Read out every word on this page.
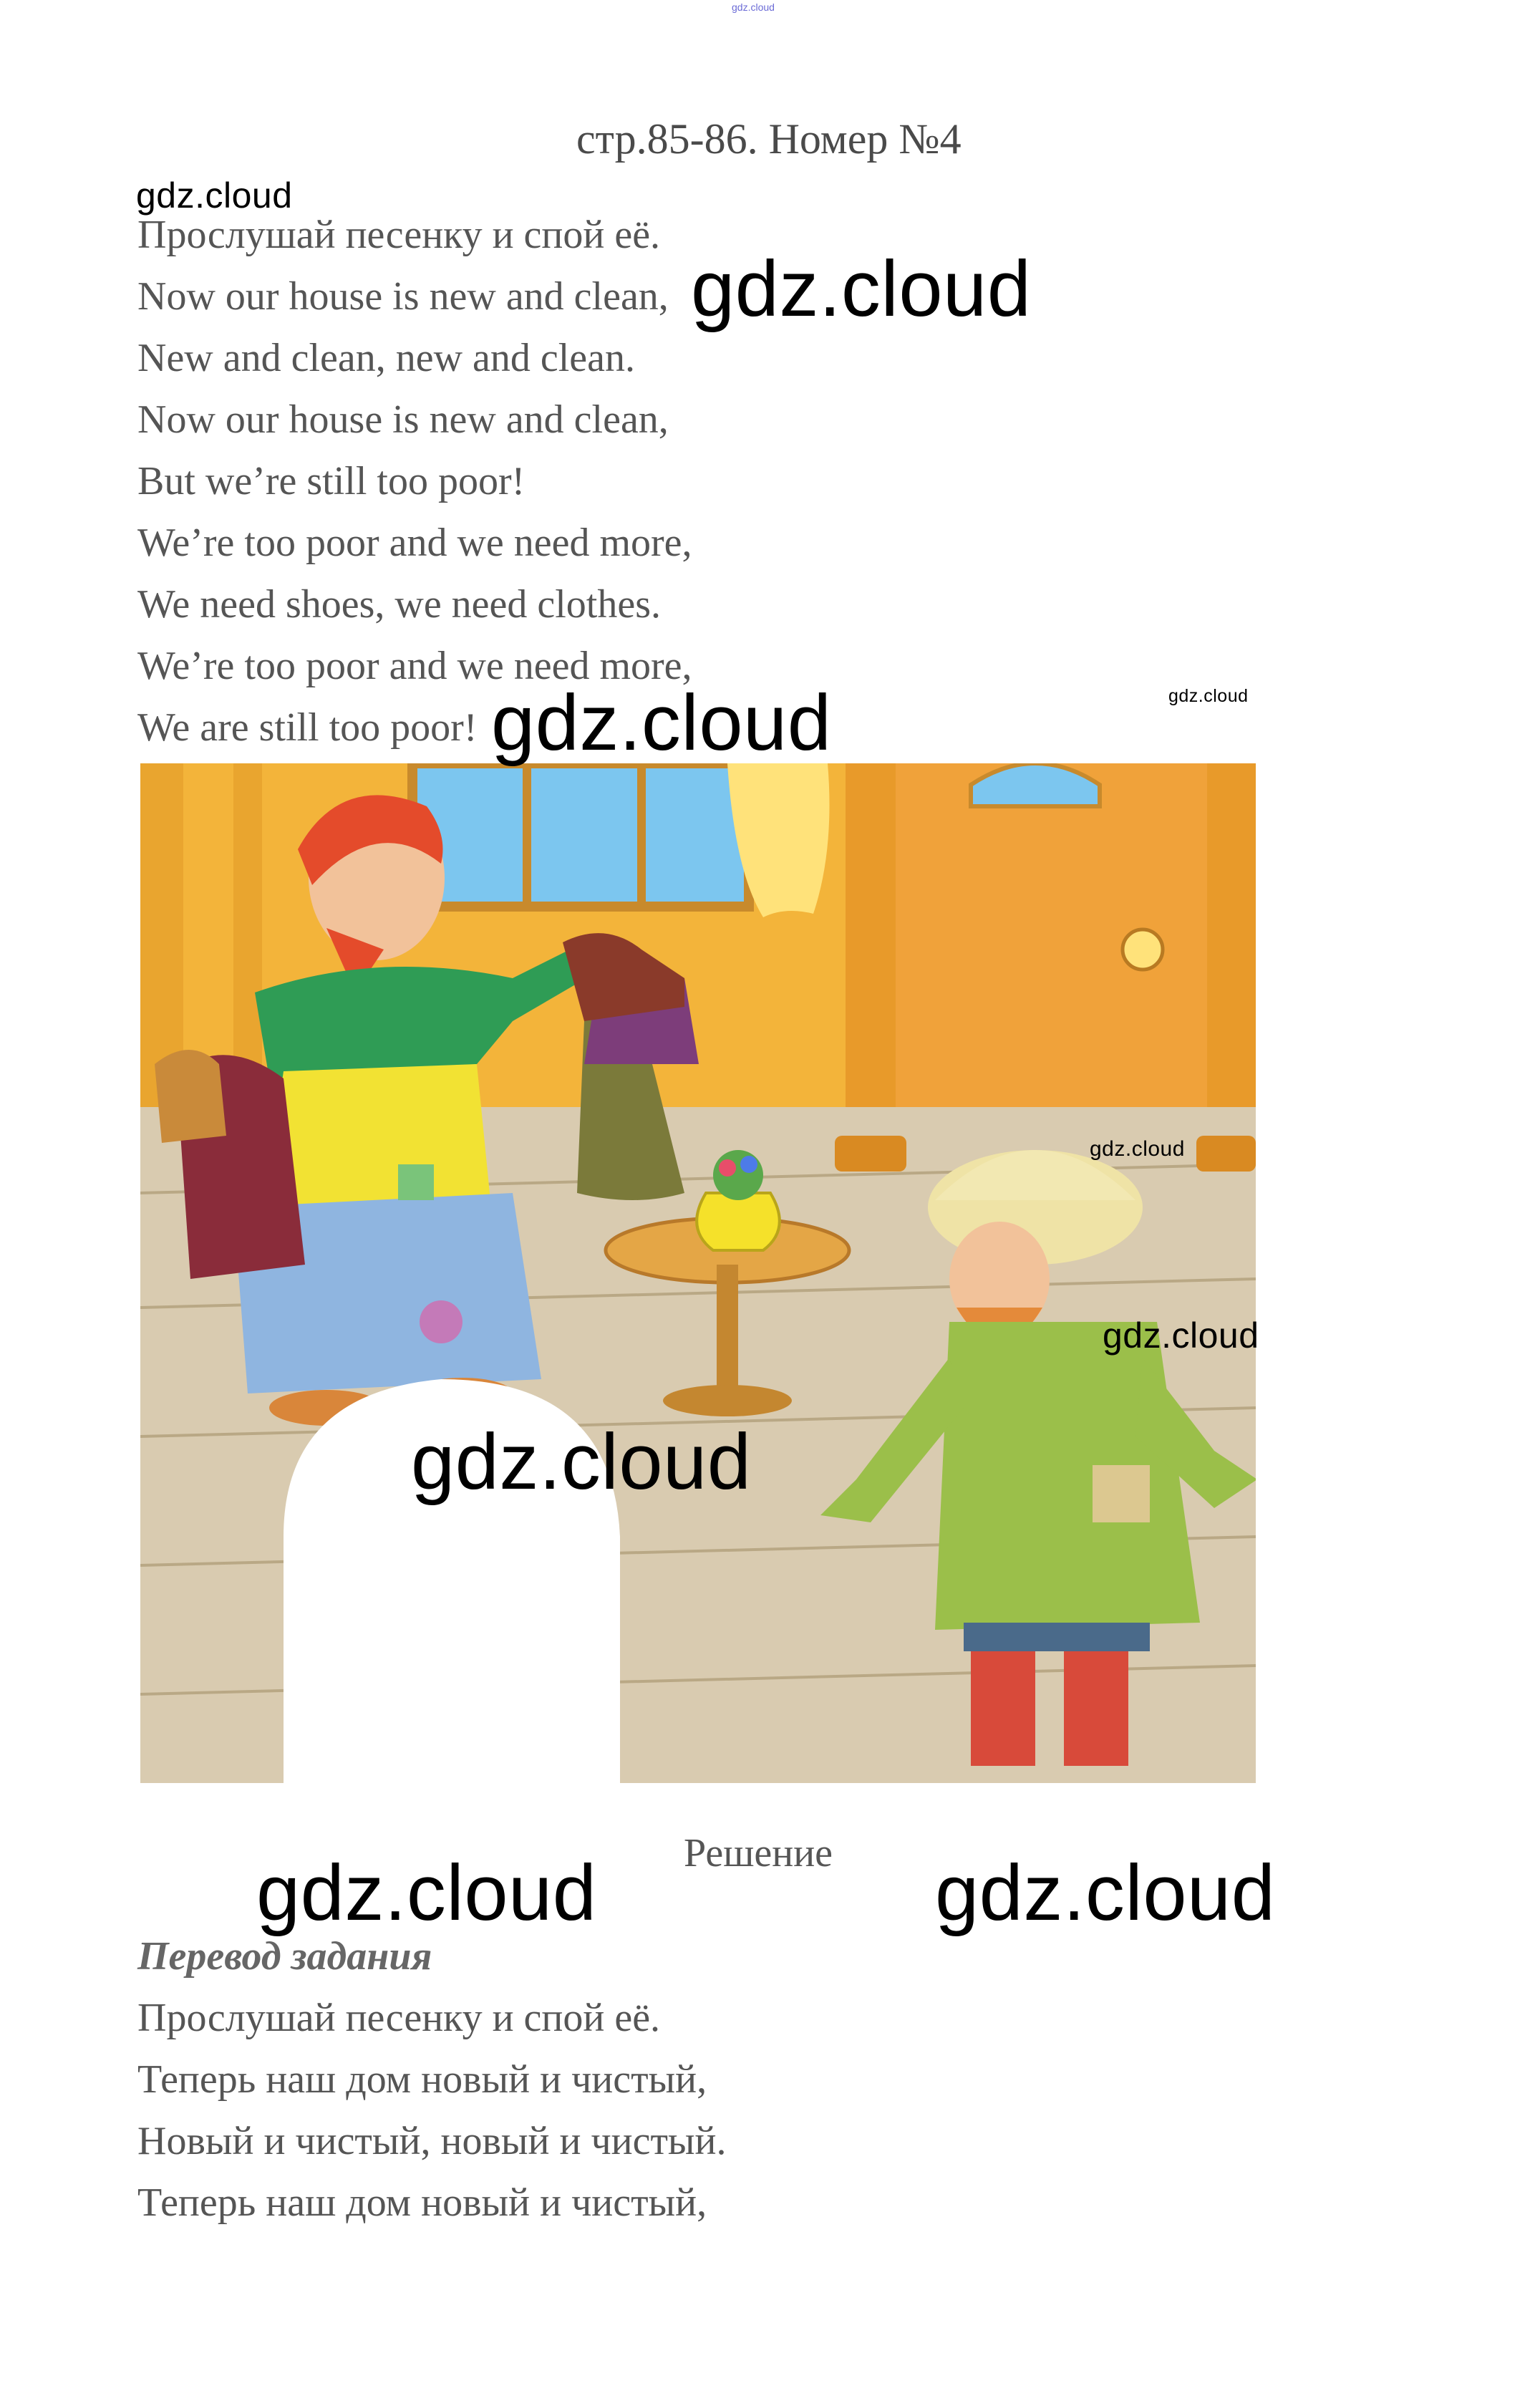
gdz.cloud
стр.85-86. Номер №4
Прослушай песенку и спой её.
Now our house is new and clean,
New and clean, new and clean.
Now our house is new and clean,
But we’re still too poor!
We’re too poor and we need more,
We need shoes, we need clothes.
We’re too poor and we need more,
We are still too poor!
Решение
Перевод задания
Прослушай песенку и спой её.
Теперь наш дом новый и чистый,
Новый и чистый, новый и чистый.
Теперь наш дом новый и чистый,
gdz.cloud
gdz.cloud
gdz.cloud	gdz.cloud
gdz.cloud
gdz.cloud
gdz.cloud
gdz.cloud	gdz.cloud
